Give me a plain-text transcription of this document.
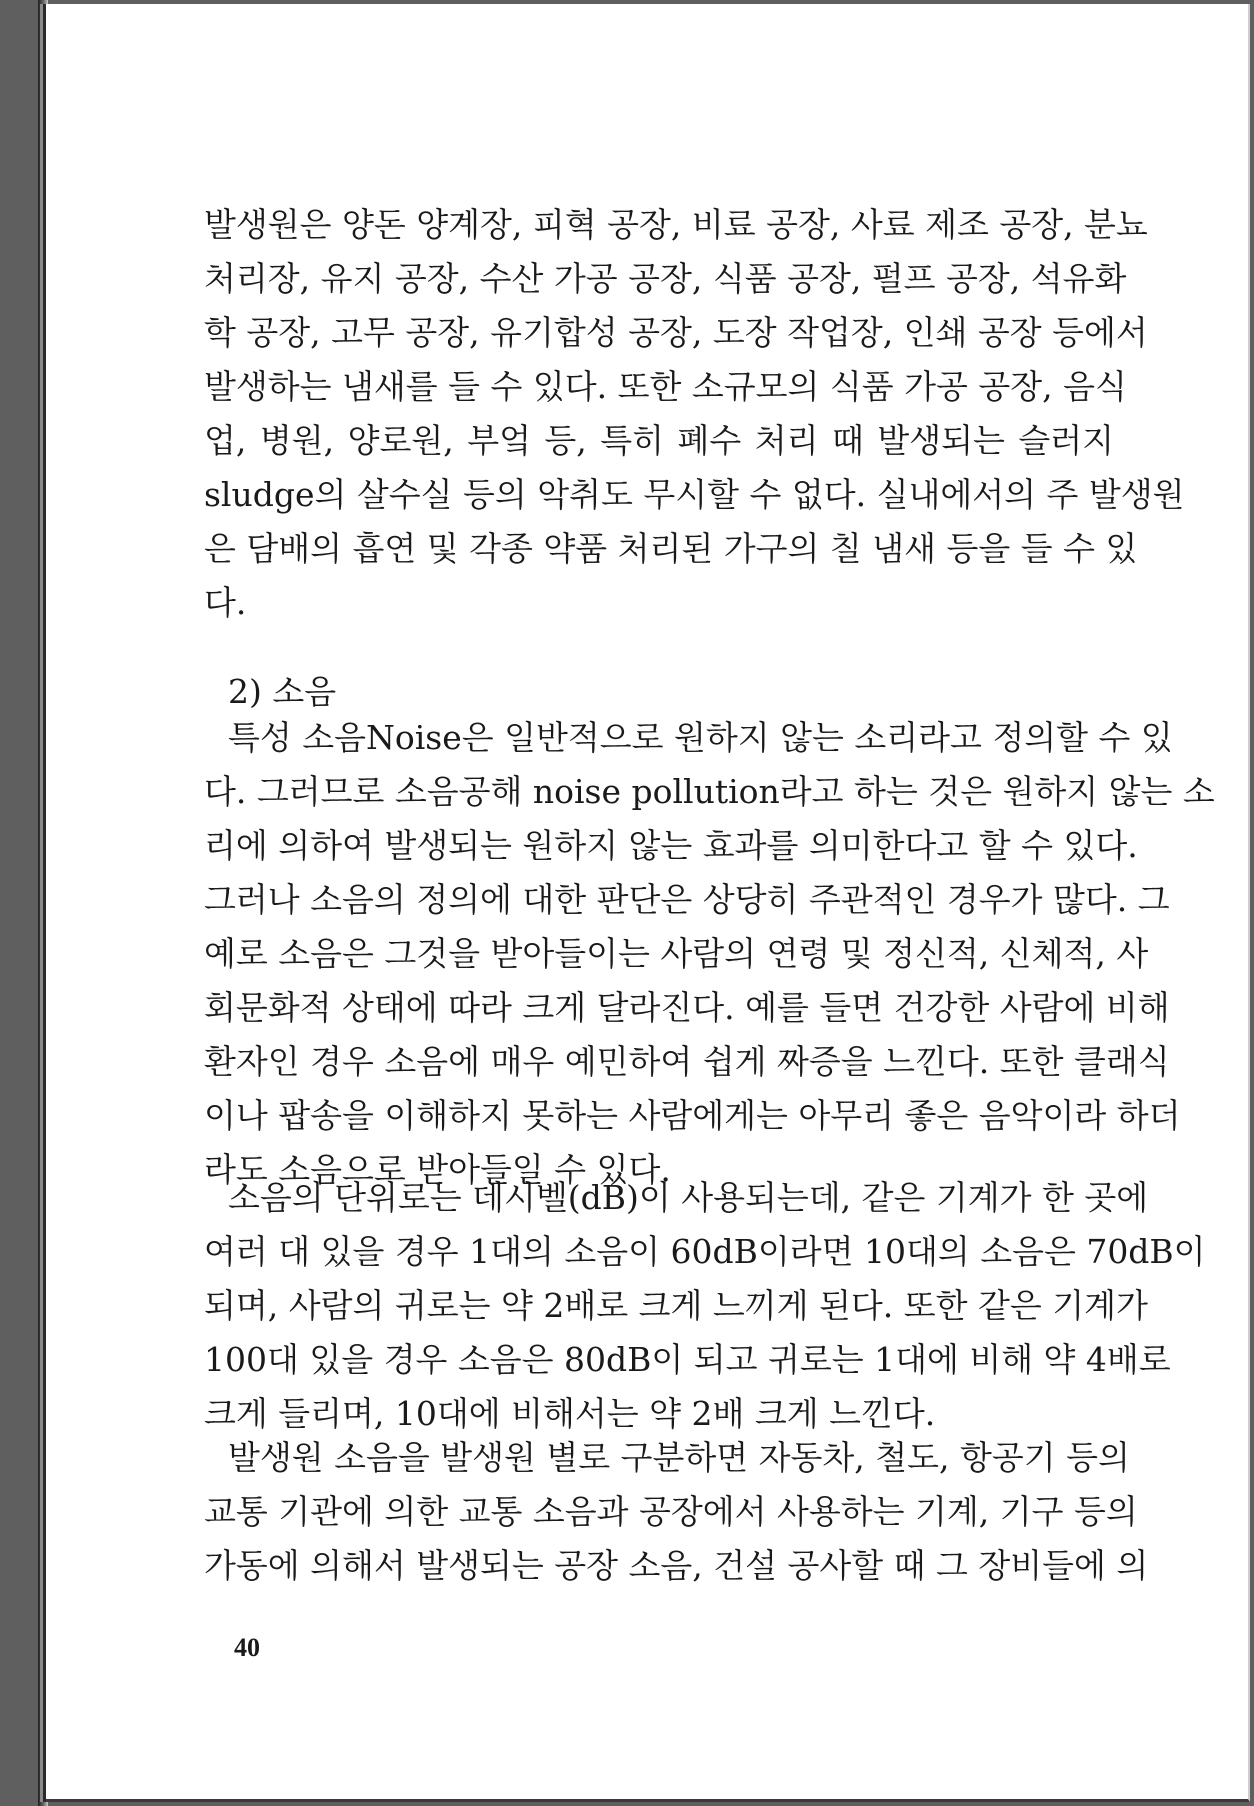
발생원은 양돈 양계장, 피혁 공장, 비료 공장, 사료 제조 공장, 분뇨
처리장, 유지 공장, 수산 가공 공장, 식품 공장, 펄프 공장, 석유화
학 공장, 고무 공장, 유기합성 공장, 도장 작업장, 인쇄 공장 등에서
발생하는 냄새를 들 수 있다. 또한 소규모의 식품 가공 공장, 음식
업, 병원, 양로원, 부엌 등, 특히 폐수 처리 때 발생되는 슬러지
sludge의 살수실 등의 악취도 무시할 수 없다. 실내에서의 주 발생원
은 담배의 흡연 및 각종 약품 처리된 가구의 칠 냄새 등을 들 수 있
다.
2) 소음
특성 소음Noise은 일반적으로 원하지 않는 소리라고 정의할 수 있
다. 그러므로 소음공해 noise pollution라고 하는 것은 원하지 않는 소
리에 의하여 발생되는 원하지 않는 효과를 의미한다고 할 수 있다.
그러나 소음의 정의에 대한 판단은 상당히 주관적인 경우가 많다. 그
예로 소음은 그것을 받아들이는 사람의 연령 및 정신적, 신체적, 사
회문화적 상태에 따라 크게 달라진다. 예를 들면 건강한 사람에 비해
환자인 경우 소음에 매우 예민하여 쉽게 짜증을 느낀다. 또한 클래식
이나 팝송을 이해하지 못하는 사람에게는 아무리 좋은 음악이라 하더
라도 소음으로 받아들일 수 있다.
소음의 단위로는 데시벨(dB)이 사용되는데, 같은 기계가 한 곳에
여러 대 있을 경우 1대의 소음이 60dB이라면 10대의 소음은 70dB이
되며, 사람의 귀로는 약 2배로 크게 느끼게 된다. 또한 같은 기계가
100대 있을 경우 소음은 80dB이 되고 귀로는 1대에 비해 약 4배로
크게 들리며, 10대에 비해서는 약 2배 크게 느낀다.
발생원 소음을 발생원 별로 구분하면 자동차, 철도, 항공기 등의
교통 기관에 의한 교통 소음과 공장에서 사용하는 기계, 기구 등의
가동에 의해서 발생되는 공장 소음, 건설 공사할 때 그 장비들에 의
40
